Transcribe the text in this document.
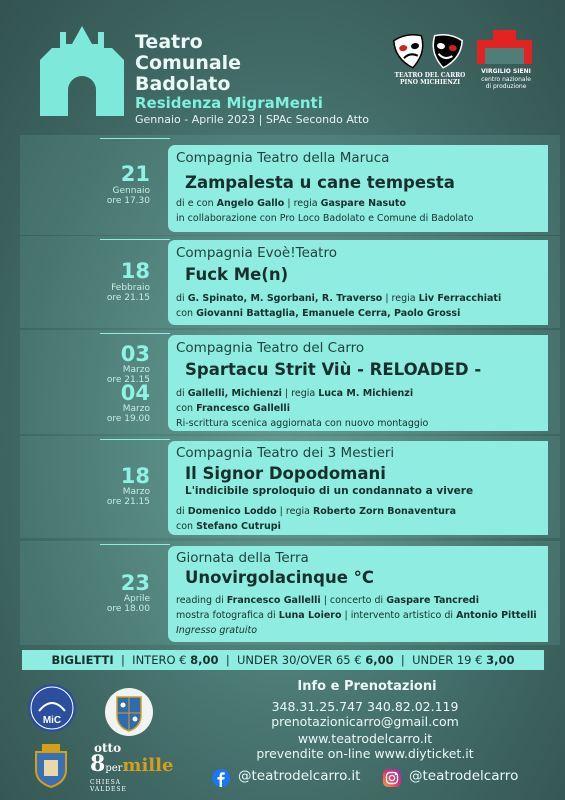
Teatro
Comunale
Badolato
Residenza MigraMenti
Gennaio - Aprile 2023 | SPAc Secondo Atto
TEATRO DEL CARRO
PINO MICHIENZI
VIRGILIO SIENI
centro nazionale
di produzione
21
Gennaio
ore 17.30
Compagnia Teatro della Maruca
Zampalesta u cane tempesta
di e con Angelo Gallo | regia Gaspare Nasuto
in collaborazione con Pro Loco Badolato e Comune di Badolato
18
Febbraio
ore 21.15
Compagnia Evoè!Teatro
Fuck Me(n)
di G. Spinato, M. Sgorbani, R. Traverso | regia Liv Ferracchiati
con Giovanni Battaglia, Emanuele Cerra, Paolo Grossi
03
Marzo
ore 21.15
04
Marzo
ore 19.00
Compagnia Teatro del Carro
Spartacu Strit Viù - RELOADED -
di Gallelli, Michienzi | regia Luca M. Michienzi
con Francesco Gallelli
Ri-scrittura scenica aggiornata con nuovo montaggio
18
Marzo
ore 21.15
Compagnia Teatro dei 3 Mestieri
Il Signor Dopodomani
L'indicibile sproloquio di un condannato a vivere
di Domenico Loddo | regia Roberto Zorn Bonaventura
con Stefano Cutrupi
23
Aprile
ore 18.00
Giornata della Terra
Unovirgolacinque °C
reading di Francesco Gallelli | concerto di Gaspare Tancredi
mostra fotografica di Luna Loiero | intervento artistico di Antonio Pittelli
Ingresso gratuito
BIGLIETTI  |  INTERO € 8,00  |  UNDER 30/OVER 65 € 6,00  |  UNDER 19 € 3,00
MiC
otto
8permille
CHIESA VALDESE
Info e Prenotazioni
348.31.25.747 340.82.02.119
prenotazionicarro@gmail.com
www.teatrodelcarro.it
prevendite on-line www.diyticket.it
@teatrodelcarro.it	@teatrodelcarro
